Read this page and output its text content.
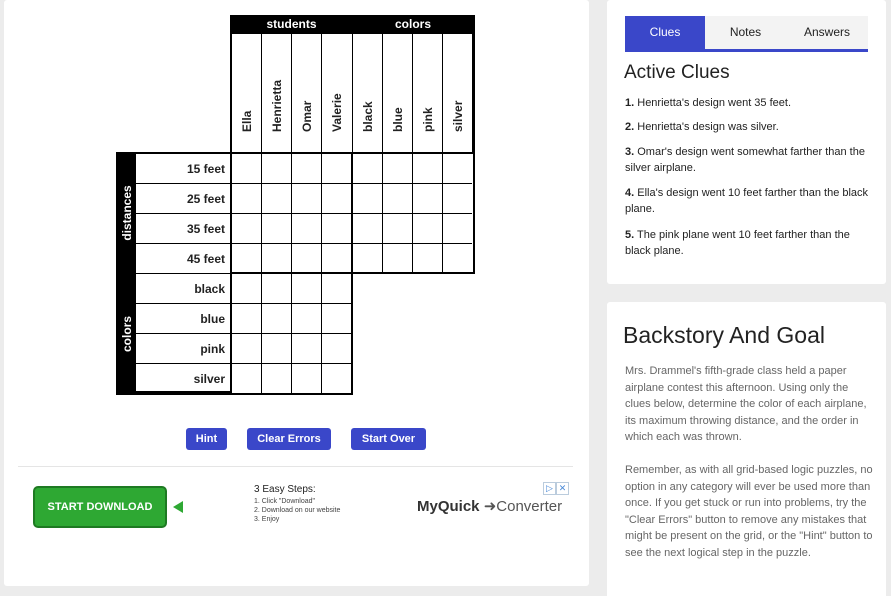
students	colors
distances
colors
Ella Henrietta Omar Valerie black blue pink silver
15 feet
25 feet
35 feet
45 feet
black
blue
pink
silver
Hint	Clear Errors	Start Over
START DOWNLOAD
3 Easy Steps:
1. Click "Download"
2. Download on our website
3. Enjoy
MyQuick ➜Converter
▷ ✕
Clues	Notes	Answers
Active Clues
1. Henrietta's design went 35 feet.
2. Henrietta's design was silver.
3. Omar's design went somewhat farther than the silver airplane.
4. Ella's design went 10 feet farther than the black plane.
5. The pink plane went 10 feet farther than the black plane.
Backstory And Goal
Mrs. Drammel's fifth-grade class held a paper airplane contest this afternoon. Using only the clues below, determine the color of each airplane, its maximum throwing distance, and the order in which each was thrown.
Remember, as with all grid-based logic puzzles, no option in any category will ever be used more than once. If you get stuck or run into problems, try the "Clear Errors" button to remove any mistakes that might be present on the grid, or the "Hint" button to see the next logical step in the puzzle.
